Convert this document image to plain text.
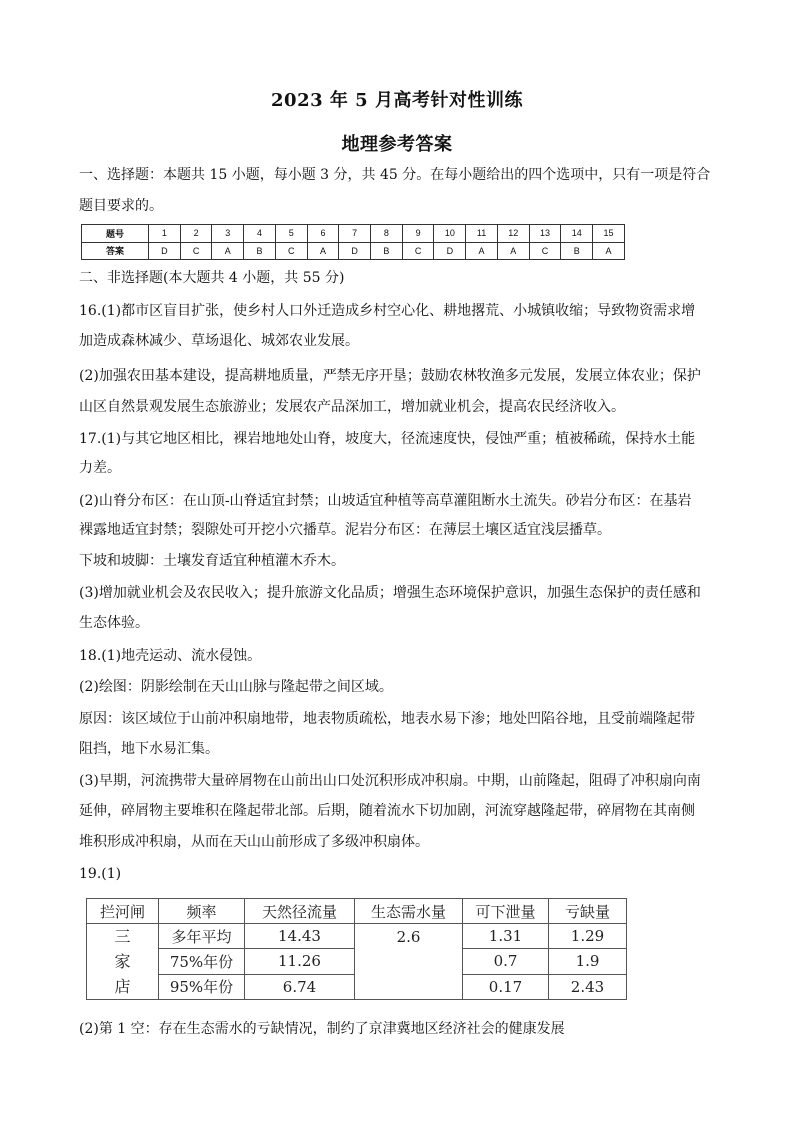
2023 年 5 月高考针对性训练
地理参考答案
一、选择题：本题共 15 小题，每小题 3 分，共 45 分。在每小题给出的四个选项中，只有一项是符合
题目要求的。
题号	1	2	3	4	5	6	7	8	9	10	11	12	13	14	15
答案	D	C	A	B	C	A	D	B	C	D	A	A	C	B	A
二、非选择题(本大题共 4 小题，共 55 分)
16.(1)都市区盲目扩张，使乡村人口外迁造成乡村空心化、耕地撂荒、小城镇收缩；导致物资需求增
加造成森林减少、草场退化、城郊农业发展。
(2)加强农田基本建设，提高耕地质量，严禁无序开垦；鼓励农林牧渔多元发展，发展立体农业；保护
山区自然景观发展生态旅游业；发展农产品深加工，增加就业机会，提高农民经济收入。
17.(1)与其它地区相比，裸岩地地处山脊，坡度大，径流速度快，侵蚀严重；植被稀疏，保持水土能
力差。
(2)山脊分布区：在山顶-山脊适宜封禁；山坡适宜种植等高草灌阻断水土流失。砂岩分布区：在基岩
裸露地适宜封禁；裂隙处可开挖小穴播草。泥岩分布区：在薄层土壤区适宜浅层播草。
下坡和坡脚：土壤发育适宜种植灌木乔木。
(3)增加就业机会及农民收入；提升旅游文化品质；增强生态环境保护意识，加强生态保护的责任感和
生态体验。
18.(1)地壳运动、流水侵蚀。
(2)绘图：阴影绘制在天山山脉与隆起带之间区域。
原因：该区域位于山前冲积扇地带，地表物质疏松，地表水易下渗；地处凹陷谷地，且受前端隆起带
阻挡，地下水易汇集。
(3)早期，河流携带大量碎屑物在山前出山口处沉积形成冲积扇。中期，山前隆起，阻碍了冲积扇向南
延伸，碎屑物主要堆积在隆起带北部。后期，随着流水下切加剧，河流穿越隆起带，碎屑物在其南侧
堆积形成冲积扇，从而在天山山前形成了多级冲积扇体。
19.(1)
拦河闸	频率	天然径流量	生态需水量	可下泄量	亏缺量

三
家
店	多年平均	14.43	2.6	1.31	1.29
	75%年份	11.26		0.7	1.9
	95%年份	6.74		0.17	2.43
(2)第 1 空：存在生态需水的亏缺情况，制约了京津冀地区经济社会的健康发展
